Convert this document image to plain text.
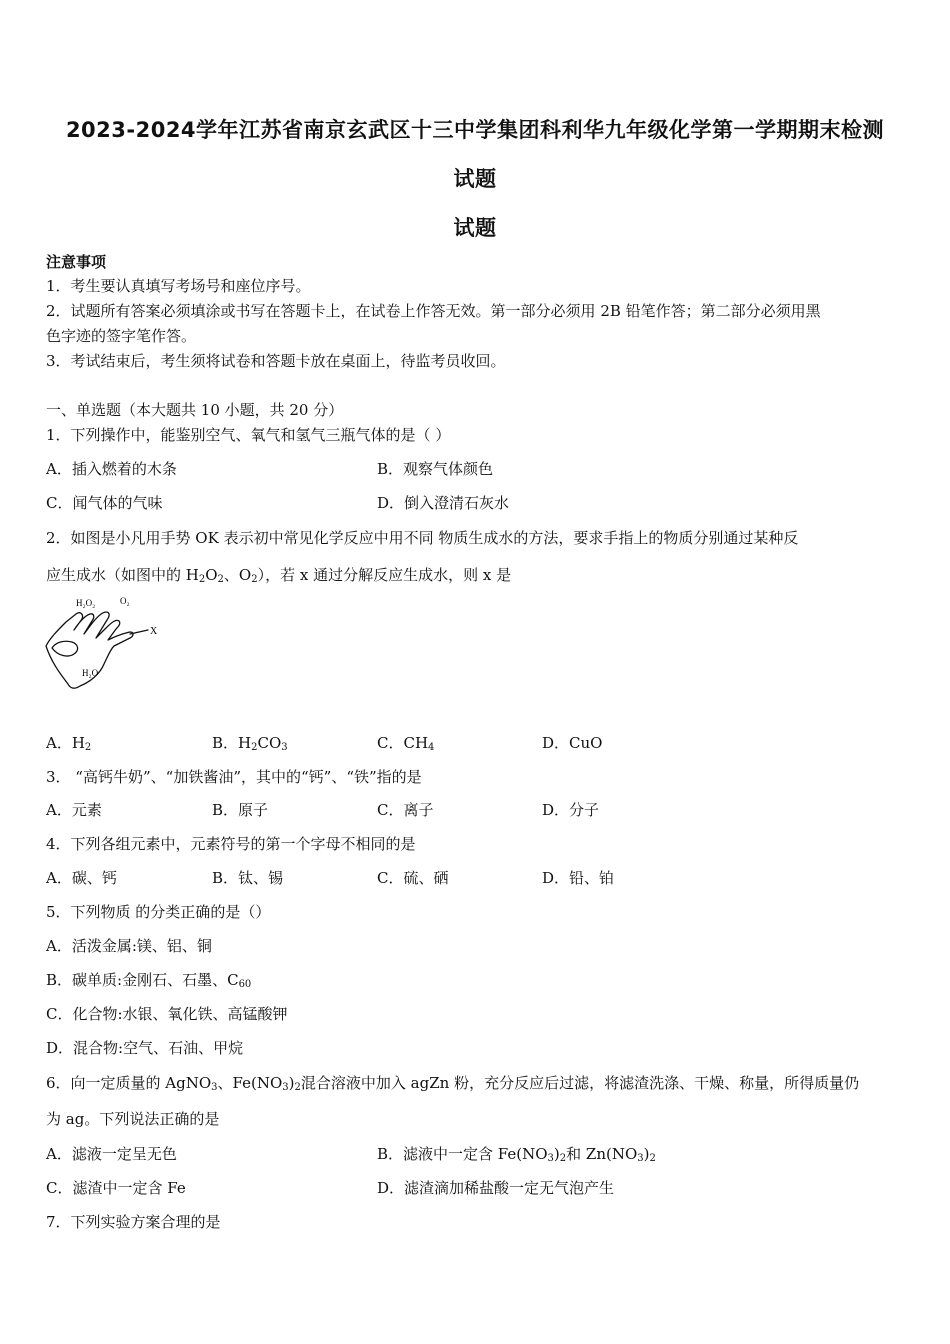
2023-2024学年江苏省南京玄武区十三中学集团科利华九年级化学第一学期期末检测
试题
试题
注意事项
1．考生要认真填写考场号和座位序号。
2．试题所有答案必须填涂或书写在答题卡上，在试卷上作答无效。第一部分必须用 2B 铅笔作答；第二部分必须用黑
色字迹的签字笔作答。
3．考试结束后，考生须将试卷和答题卡放在桌面上，待监考员收回。
一、单选题（本大题共 10 小题，共 20 分）
1．下列操作中，能鉴别空气、氧气和氢气三瓶气体的是（ ）
A．插入燃着的木条	B．观察气体颜色
C．闻气体的气味	D．倒入澄清石灰水
2．如图是小凡用手势 OK 表示初中常见化学反应中用不同 物质生成水的方法，要求手指上的物质分别通过某种反
应生成水（如图中的 $H_2O_2$、$O_2$），若 x 通过分解反应生成水，则 x 是
H₂O₂	O₂
X
H₂O
A．$H_2$	B．$H_2CO_3$	C．$CH_4$	D．CuO
3． “高钙牛奶”、“加铁酱油”，其中的“钙”、“铁”指的是
A．元素	B．原子	C．离子	D．分子
4．下列各组元素中，元素符号的第一个字母不相同的是
A．碳、钙	B．钛、锡	C．硫、硒	D．铅、铂
5．下列物质 的分类正确的是（）
A．活泼金属:镁、铝、铜
B．碳单质:金刚石、石墨、$C_{60}$
C．化合物:水银、氧化铁、高锰酸钾
D．混合物:空气、石油、甲烷
6．向一定质量的 AgNO$_3$、$Fe(NO_3)_2$混合溶液中加入 agZn 粉，充分反应后过滤，将滤渣洗涤、干燥、称量，所得质量仍
为 ag。下列说法正确的是
A．滤液一定呈无色	B．滤液中一定含 $Fe(NO_3)_2$和 $Zn(NO_3)_2$
C．滤渣中一定含 Fe	D．滤渣滴加稀盐酸一定无气泡产生
7．下列实验方案合理的是
